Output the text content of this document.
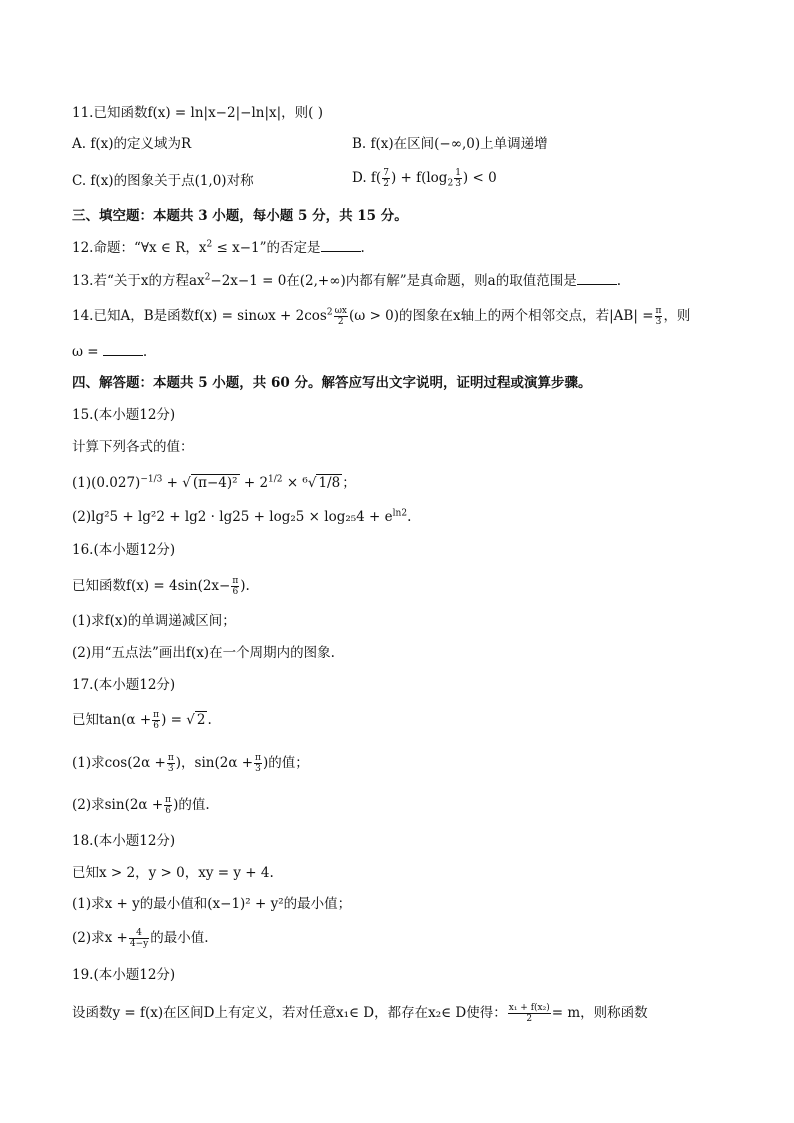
11.已知函数f(x) = ln|x−2|−ln|x|，则( )
A. f(x)的定义域为R	B. f(x)在区间(−∞,0)上单调递增
C. f(x)的图象关于点(1,0)对称	D. $f( \frac{7}{2}$ ) + $f(\log_2 \frac{1}{3}$ ) < 0
三、填空题：本题共 3 小题，每小题 5 分，共 15 分。
12.命题：“∀x ∈ R，$x^2 \le x-1$”的否定是	.
13.若“关于x的方程$ax^2-2x-1 = 0$在(2,+∞)内都有解”是真命题，则a的取值范围是	.
14.已知A，B是函数$f(x) = \sin\omega x + 2\cos^2 \frac{\omega x}{2} (\omega > 0)$的图象在x轴上的两个相邻交点，若$|AB| = \frac{\pi}{3}$ ，则
ω =	.
四、解答题：本题共 5 小题，共 60 分。解答应写出文字说明，证明过程或演算步骤。
15.(本小题12分)
计算下列各式的值：
$(1)(0.027)^{-1/3}$ + √ $(\pi-4)^2 + 2^{1/2} \times ^6√$ 1/8 ；
$(2)\lg^25 + \lg^22 + \lg 2 \cdot \lg 25 + \log_25 \times \log_{25}4 + e^{ln2}$.
16.(本小题12分)
已知函数$f(x) = 4\sin(2x- \frac{\pi}{6}$ ).
(1)求f(x)的单调递减区间；
(2)用“五点法”画出f(x)在一个周期内的图象.
17.(本小题12分)
已知$\tan(\alpha + \frac{\pi}{6}$ ) = √ 2 .
(1)求$\cos(2\alpha + \frac{\pi}{3}$ )，$\sin(2\alpha + \frac{\pi}{3}$ )的值；
(2)求$\sin(2\alpha + \frac{\pi}{6}$ )的值.
18.(本小题12分)
已知x > 2，y > 0，xy = y + 4.
(1)求x + y的最小值和(x−1)² + y²的最小值；
(2)求$x + \frac{4}{4-y}$ 的最小值.
19.(本小题12分)
设函数y = f(x)在区间D上有定义，若对任意x₁∈ D，都存在x₂∈ D使得： $\frac{\text{x₁ + f(x₂)}}{2} = m$，则称函数
